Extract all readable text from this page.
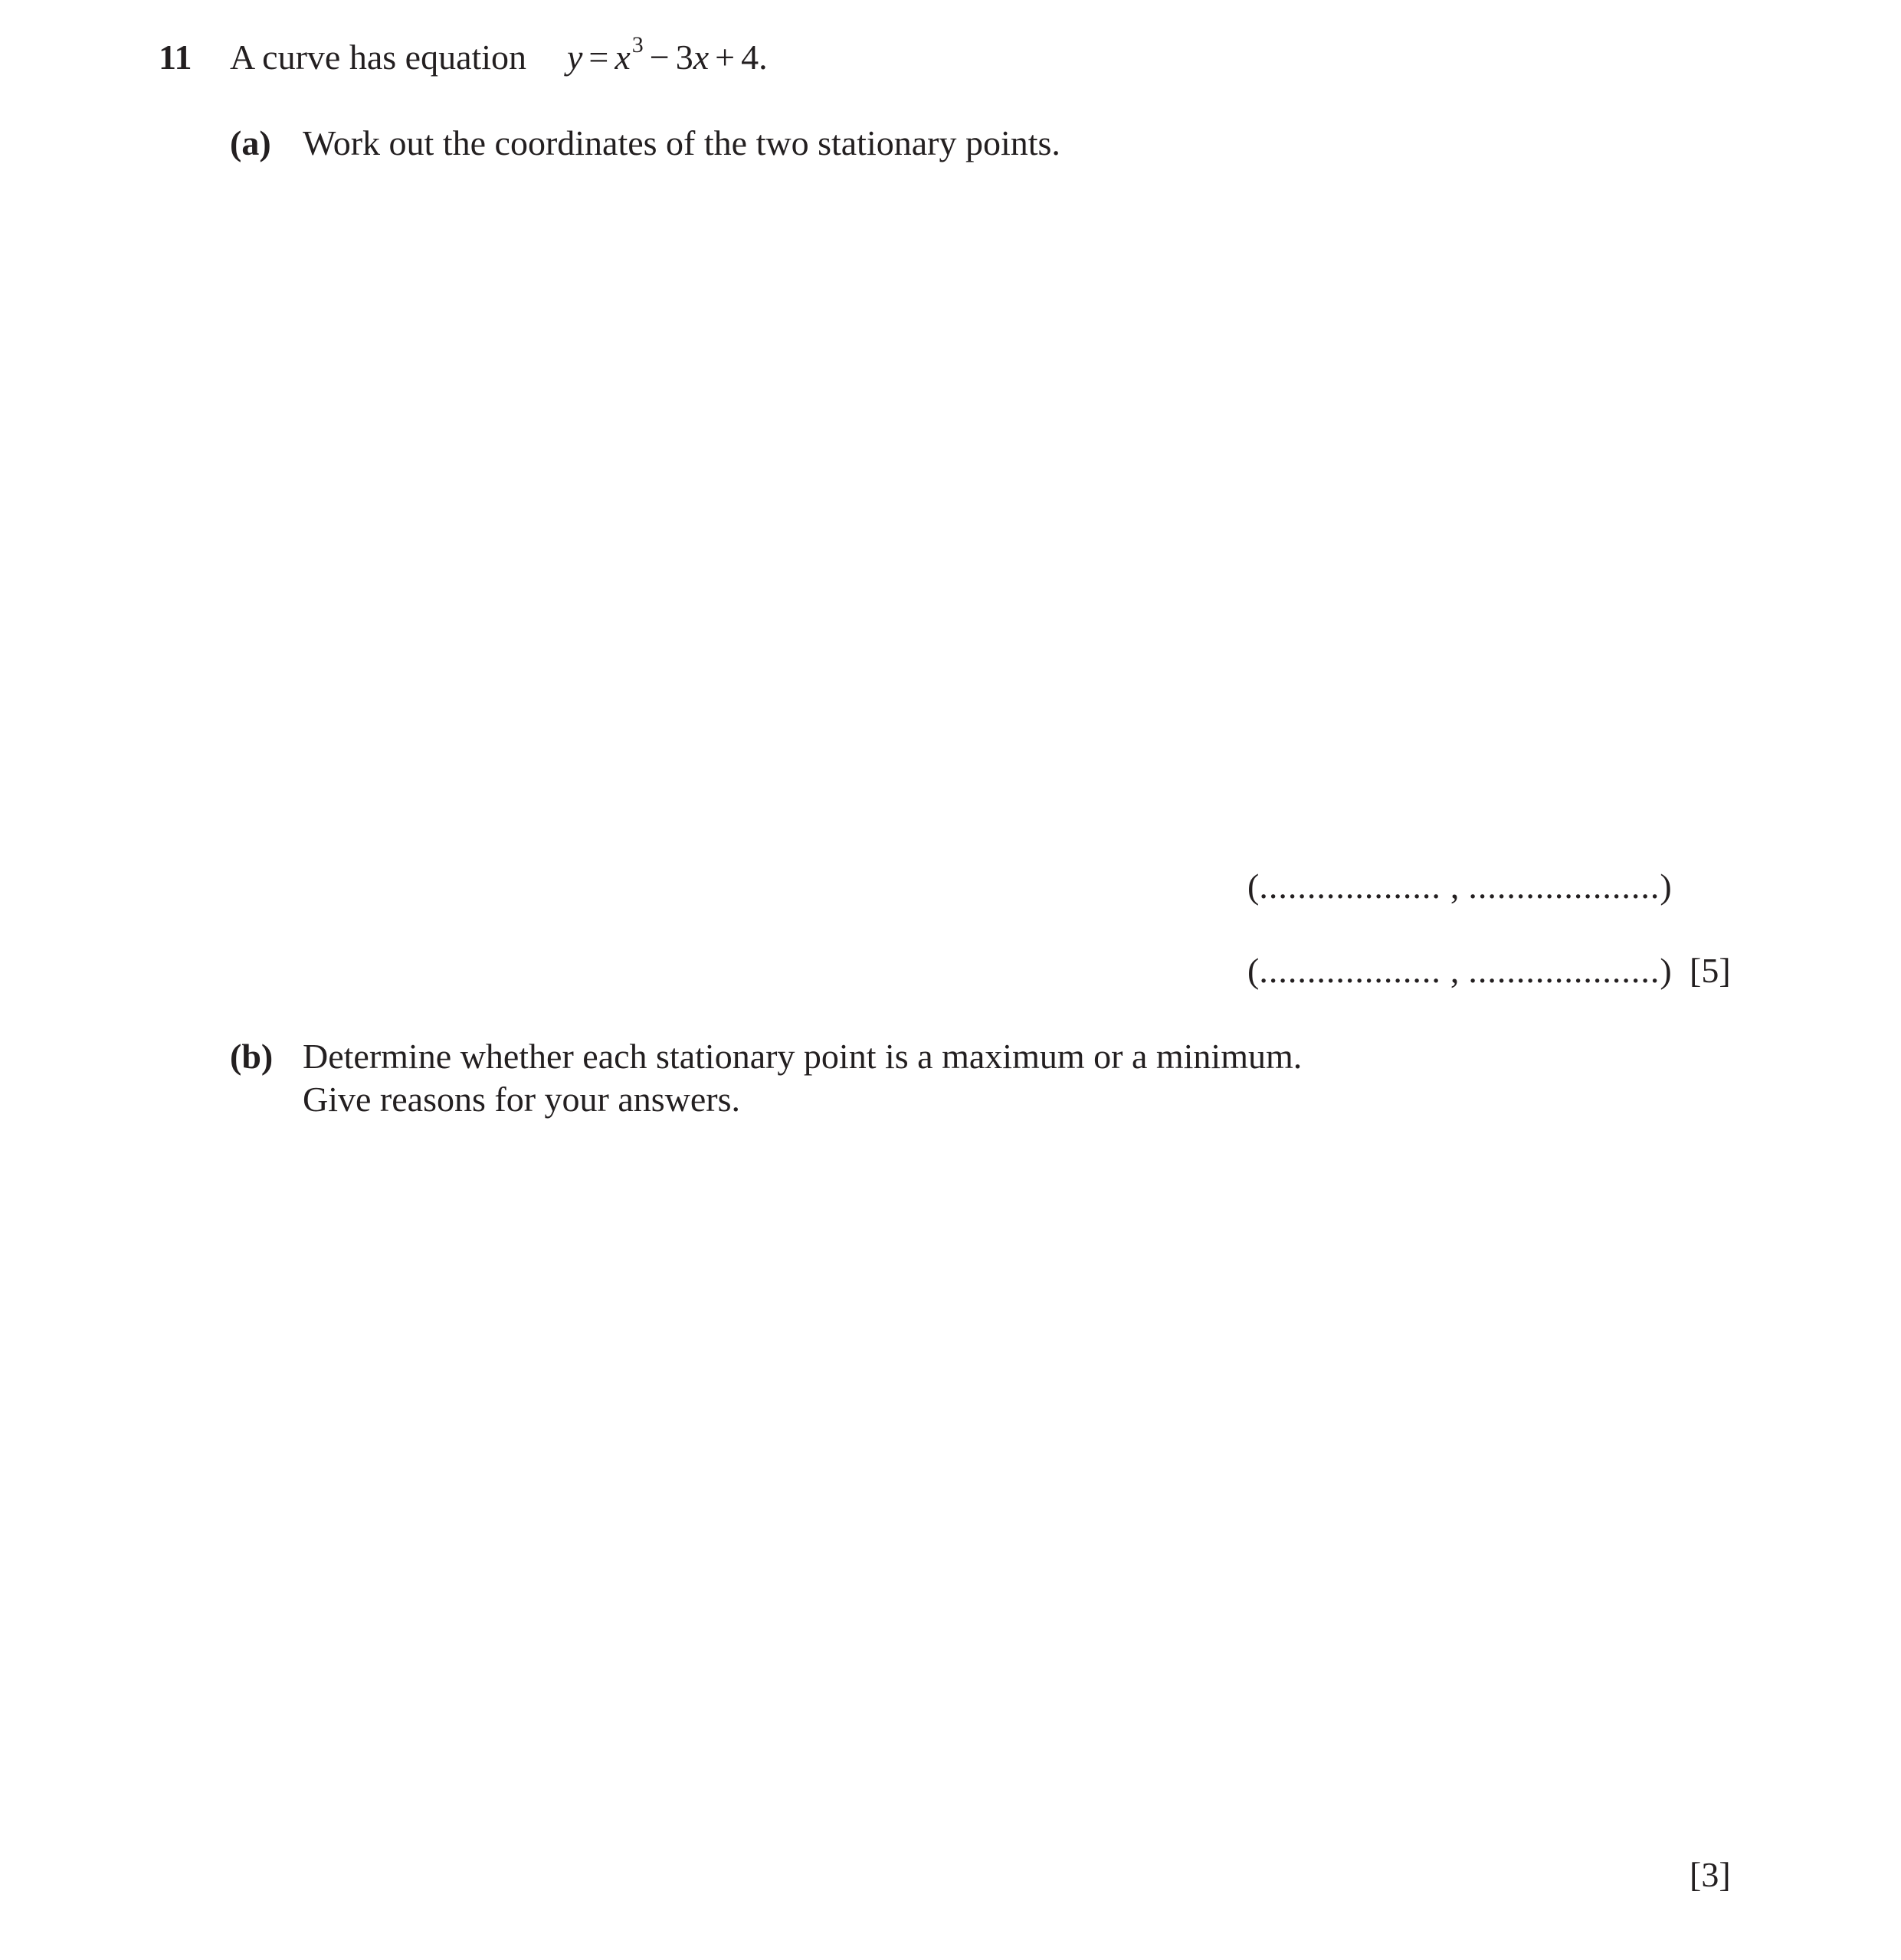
11 A curve has equation $y = x^3 - 3x + 4$.
(a) Work out the coordinates of the two stationary points.
(................... , ....................)
(................... , ....................) [5]
(b) Determine whether each stationary point is a maximum or a minimum.
Give reasons for your answers.
[3]
